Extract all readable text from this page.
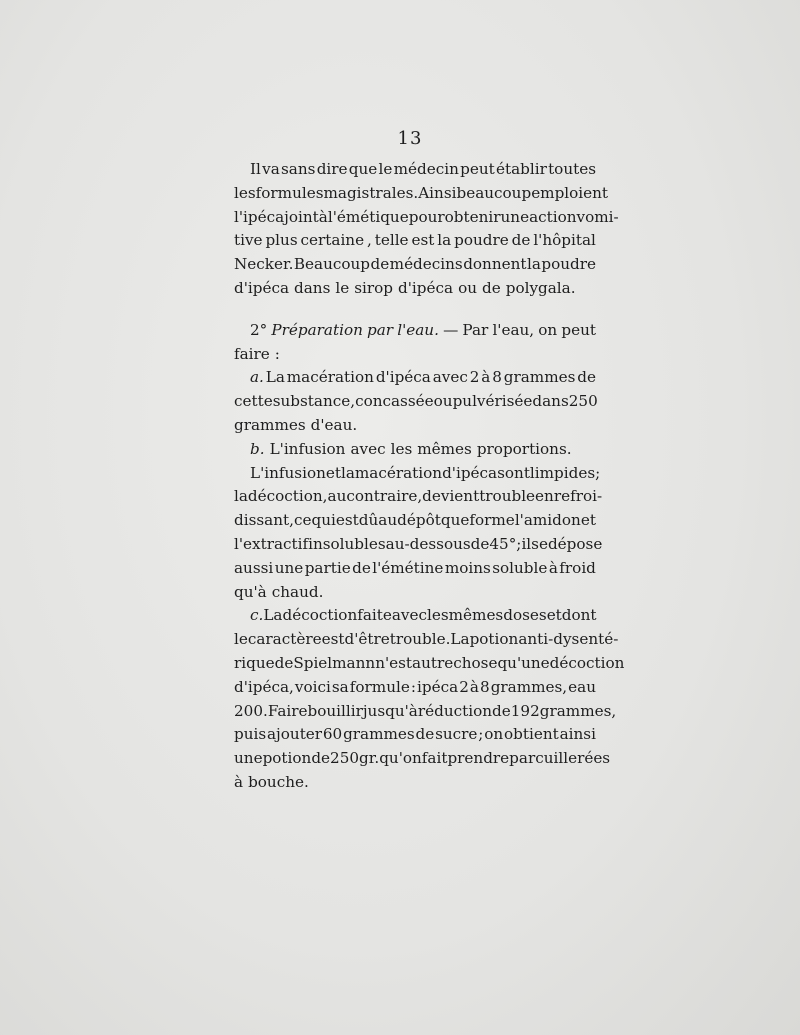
13
Il va sans dire que le médecin peut établir toutes
les formules magistrales. Ainsi beaucoup emploient
l'ipéca joint à l'émétique pour obtenir une action vomi-
tive plus certaine , telle est la poudre de l'hôpital
Necker. Beaucoup de médecins donnent la poudre
d'ipéca dans le sirop d'ipéca ou de polygala.
2° Préparation par l'eau. — Par l'eau, on peut
faire :
a. La macération d'ipéca avec 2 à 8 grammes de
cette substance , concassée ou pulvérisée dans 250
grammes d'eau.
b. L'infusion avec les mêmes proportions.
L'infusion et la macération d'ipéca sont limpides ;
la décoction, au contraire, devient trouble en refroi-
dissant, ce qui est dû au dépôt que forme l'amidon et
l'extractif insolubles au-dessous de 45°; il se dépose
aussi une partie de l'émétine moins soluble à froid
qu'à chaud.
c. La décoction faite avec les mêmes doses et dont
le caractère est d'être trouble. La potion anti-dysenté-
rique de Spielmann n'est autre chose qu'une décoction
d'ipéca, voici sa formule : ipéca 2 à 8 grammes, eau
200. Faire bouillir jusqu'à réduction de 192 grammes,
puis ajouter 60 grammes de sucre ; on obtient ainsi
une potion de 250 gr. qu'on fait prendre par cuillerées
à bouche.
